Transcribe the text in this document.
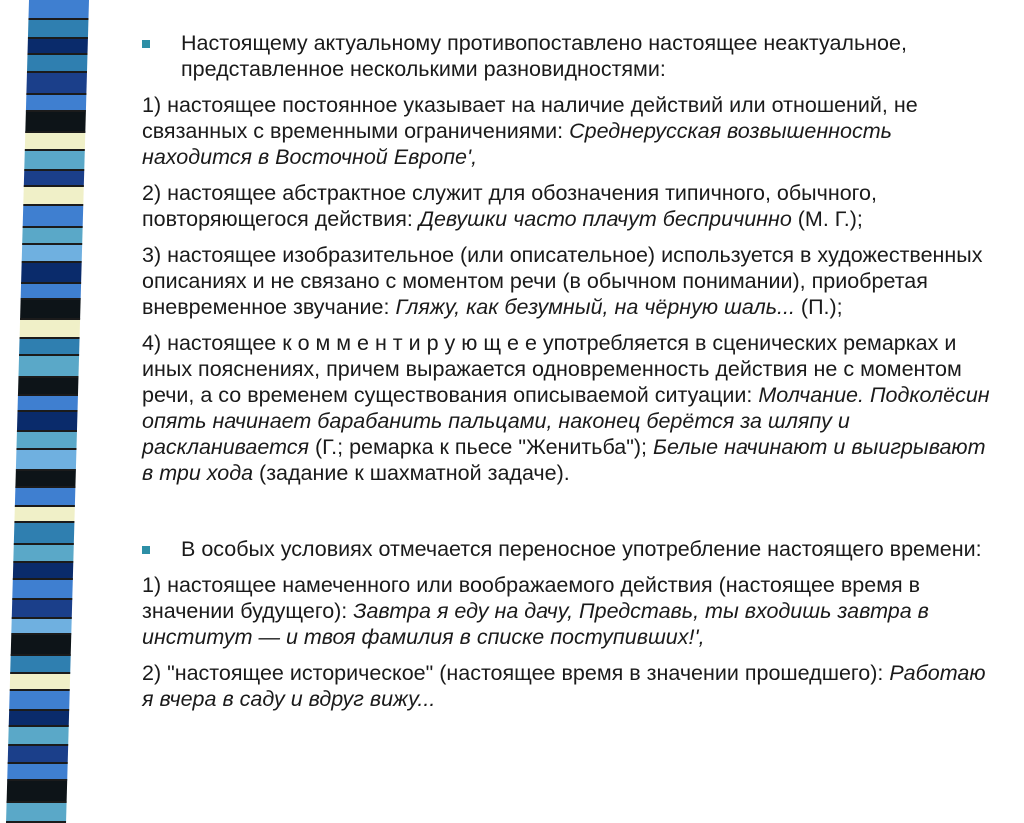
Настоящему актуальному противопоставлено настоящее неактуальное, представленное несколькими разновидностями:
1) настоящее постоянное указывает на наличие действий или отношений, не связанных с временными ограничениями: Среднерусская возвышенность находится в Восточной Европе',
2) настоящее абстрактное служит для обозначения типичного, обычного, повторяющегося действия: Девушки часто плачут беспричинно (М. Г.);
3) настоящее изобразительное (или описательное) используется в художественных описаниях и не связано с моментом речи (в обычном понимании), приобретая вневременное звучание: Гляжу, как безумный, на чёрную шаль... (П.);
4) настоящее к о м м е н т и р у ю щ е е употребляется в сценических ремарках и иных пояснениях, причем выражается одновременность действия не с моментом речи, а со временем существования описываемой ситуации: Молчание. Подколёсин опять начинает барабанить пальцами, наконец берётся за шляпу и раскланивается (Г.; ремарка к пьесе "Женитьба"); Белые начинают и выигрывают в три хода (задание к шахматной задаче).
В особых условиях отмечается переносное употребление настоящего времени:
1) настоящее намеченного или воображаемого действия (настоящее время в значении будущего): Завтра я еду на дачу, Представь, ты входишь завтра в институт — и твоя фамилия в списке поступивших!',
2) "настоящее историческое" (настоящее время в значении прошедшего): Работаю я вчера в саду и вдруг вижу...
